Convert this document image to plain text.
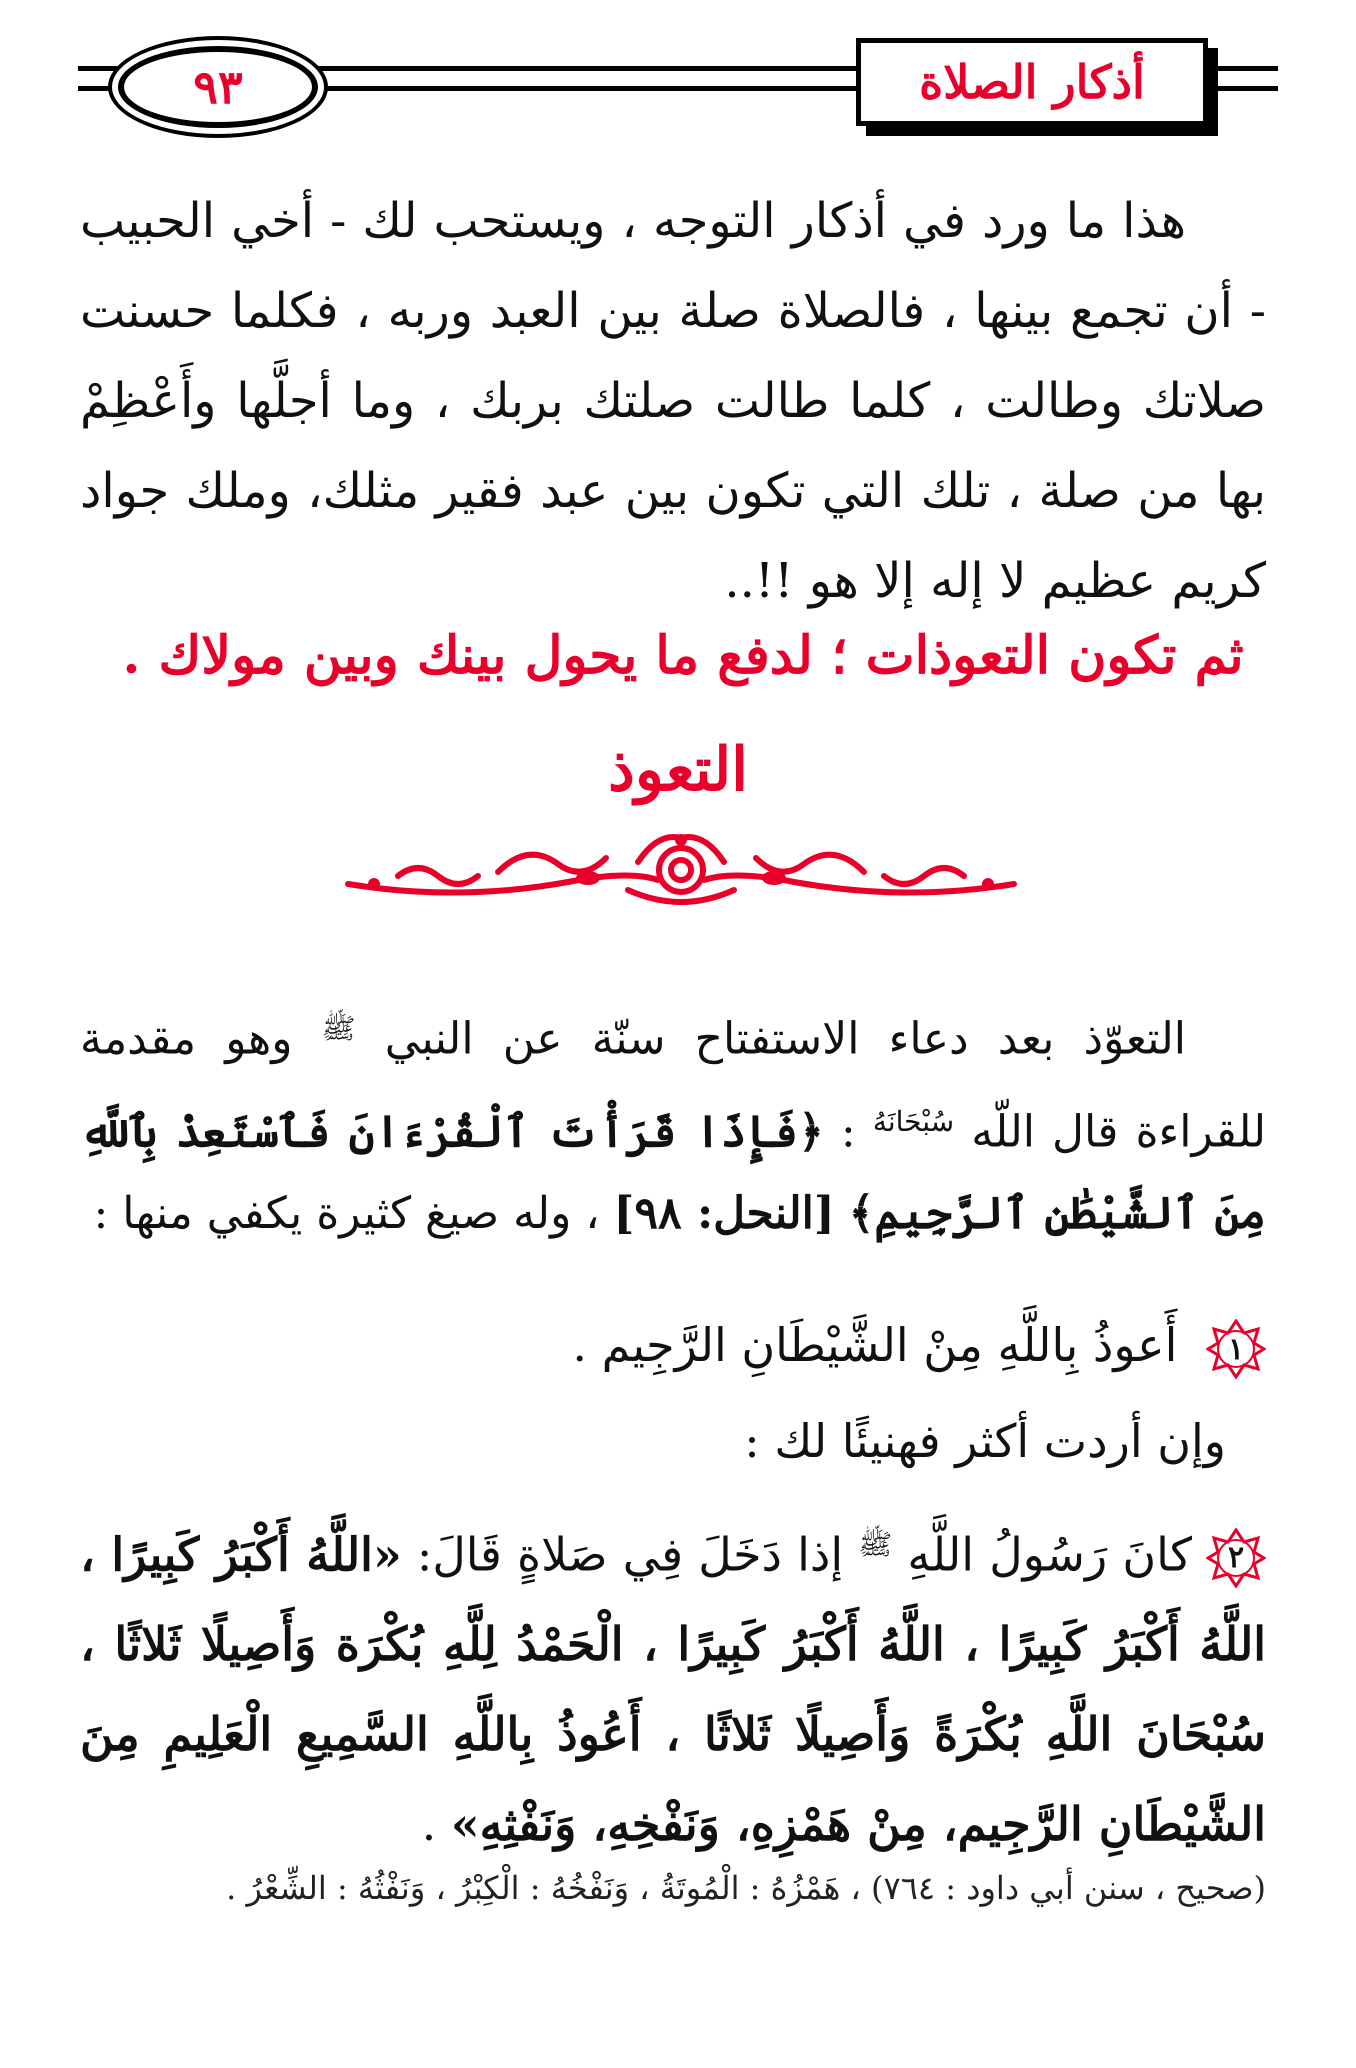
٩٣	أذكار الصلاة
هذا ما ورد في أذكار التوجه ، ويستحب لك - أخي الحبيب - أن تجمع بينها ، فالصلاة صلة بين العبد وربه ، فكلما حسنت صلاتك وطالت ، كلما طالت صلتك بربك ، وما أجلَّها وأَعْظِمْ بها من صلة ، تلك التي تكون بين عبد فقير مثلك، وملك جواد كريم عظيم لا إله إلا هو !!..
ثم تكون التعوذات ؛ لدفع ما يحول بينك وبين مولاك .
التعوذ
التعوّذ بعد دعاء الاستفتاح سنّة عن النبي $^ﷺ$ وهو مقدمة للقراءة قال اللّه $^{سُبْحَانَهُ}$ : ﴿فَإِذَا قَرَأْتَ ٱلْقُرْءَانَ فَٱسْتَعِذْ بِٱللَّهِ مِنَ ٱلشَّيْطَٰنِ ٱلرَّجِيمِ﴾ [النحل: ٩٨] ، وله صيغ كثيرة يكفي منها :
١
أَعوذُ بِاللَّهِ مِنْ الشَّيْطَانِ الرَّجِيم .
وإن أردت أكثر فهنيئًا لك :
٢
كانَ رَسُولُ اللَّهِ $^ﷺ$ إذا دَخَلَ فِي صَلاةٍ قَالَ: «اللَّهُ أَكْبَرُ كَبِيرًا ، اللَّهُ أَكْبَرُ كَبِيرًا ، اللَّهُ أَكْبَرُ كَبِيرًا ، الْحَمْدُ لِلَّهِ بُكْرَة وَأَصِيلًا ثَلاثًا ، سُبْحَانَ اللَّهِ بُكْرَةً وَأَصِيلًا ثَلاثًا ، أَعُوذُ بِاللَّهِ السَّمِيعِ الْعَلِيمِ مِنَ الشَّيْطَانِ الرَّجِيم، مِنْ هَمْزِهِ، وَنَفْخِهِ، وَنَفْثِهِ» .
(صحيح ، سنن أبي داود : ٧٦٤) ، هَمْزُهُ : الْمُوتَةُ ، وَنَفْخُهُ : الْكِبْرُ ، وَنَفْثُهُ : الشِّعْرُ .
